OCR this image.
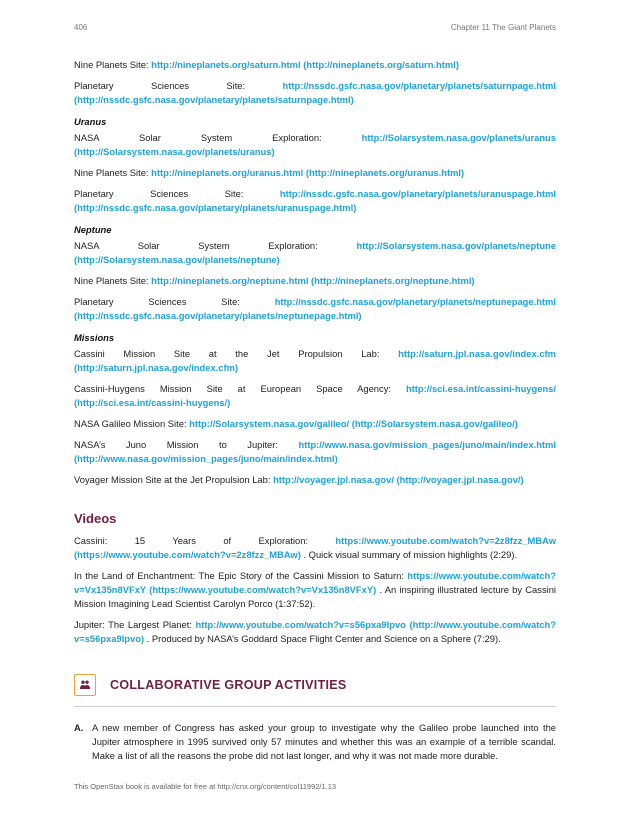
406	Chapter 11 The Giant Planets

Nine Planets Site: http://nineplanets.org/saturn.html (http://nineplanets.org/saturn.html)

Planetary Sciences Site:	http://nssdc.gsfc.nasa.gov/planetary/planets/saturnpage.html (http://nssdc.gsfc.nasa.gov/planetary/planets/saturnpage.html)

Uranus

NASA Solar System Exploration:	http://Solarsystem.nasa.gov/planets/uranus (http://Solarsystem.nasa.gov/planets/uranus)

Nine Planets Site: http://nineplanets.org/uranus.html (http://nineplanets.org/uranus.html)

Planetary Sciences Site:	http://nssdc.gsfc.nasa.gov/planetary/planets/uranuspage.html (http://nssdc.gsfc.nasa.gov/planetary/planets/uranuspage.html)

Neptune

NASA Solar System Exploration:	http://Solarsystem.nasa.gov/planets/neptune (http://Solarsystem.nasa.gov/planets/neptune)

Nine Planets Site: http://nineplanets.org/neptune.html (http://nineplanets.org/neptune.html)

Planetary Sciences Site:	http://nssdc.gsfc.nasa.gov/planetary/planets/neptunepage.html (http://nssdc.gsfc.nasa.gov/planetary/planets/neptunepage.html)

Missions

Cassini Mission Site at the Jet Propulsion Lab: http://saturn.jpl.nasa.gov/index.cfm (http://saturn.jpl.nasa.gov/index.cfm)

Cassini-Huygens Mission Site at European Space Agency: http://sci.esa.int/cassini-huygens/ (http://sci.esa.int/cassini-huygens/)

NASA Galileo Mission Site: http://Solarsystem.nasa.gov/galileo/ (http://Solarsystem.nasa.gov/galileo/)

NASA’s Juno Mission to Jupiter: http://www.nasa.gov/mission_pages/juno/main/index.html (http://www.nasa.gov/mission_pages/juno/main/index.html)

Voyager Mission Site at the Jet Propulsion Lab: http://voyager.jpl.nasa.gov/ (http://voyager.jpl.nasa.gov/)

Videos

Cassini: 15 Years of Exploration:	https://www.youtube.com/watch?v=2z8fzz_MBAw (https://www.youtube.com/watch?v=2z8fzz_MBAw) . Quick visual summary of mission highlights (2:29).

In the Land of Enchantment: The Epic Story of the Cassini Mission to Saturn: https://www.youtube.com/watch?v=Vx135n8VFxY (https://www.youtube.com/watch?v=Vx135n8VFxY) . An inspiring illustrated lecture by Cassini Mission Imagining Lead Scientist Carolyn Porco (1:37:52).

Jupiter: The Largest Planet: http://www.youtube.com/watch?v=s56pxa9Ipvo (http://www.youtube.com/watch?v=s56pxa9Ipvo) . Produced by NASA’s Goddard Space Flight Center and Science on a Sphere (7:29).

COLLABORATIVE GROUP ACTIVITIES
A. A new member of Congress has asked your group to investigate why the Galileo probe launched into the Jupiter atmosphere in 1995 survived only 57 minutes and whether this was an example of a terrible scandal. Make a list of all the reasons the probe did not last longer, and why it was not made more durable.
This OpenStax book is available for free at http://cnx.org/content/col11992/1.13
